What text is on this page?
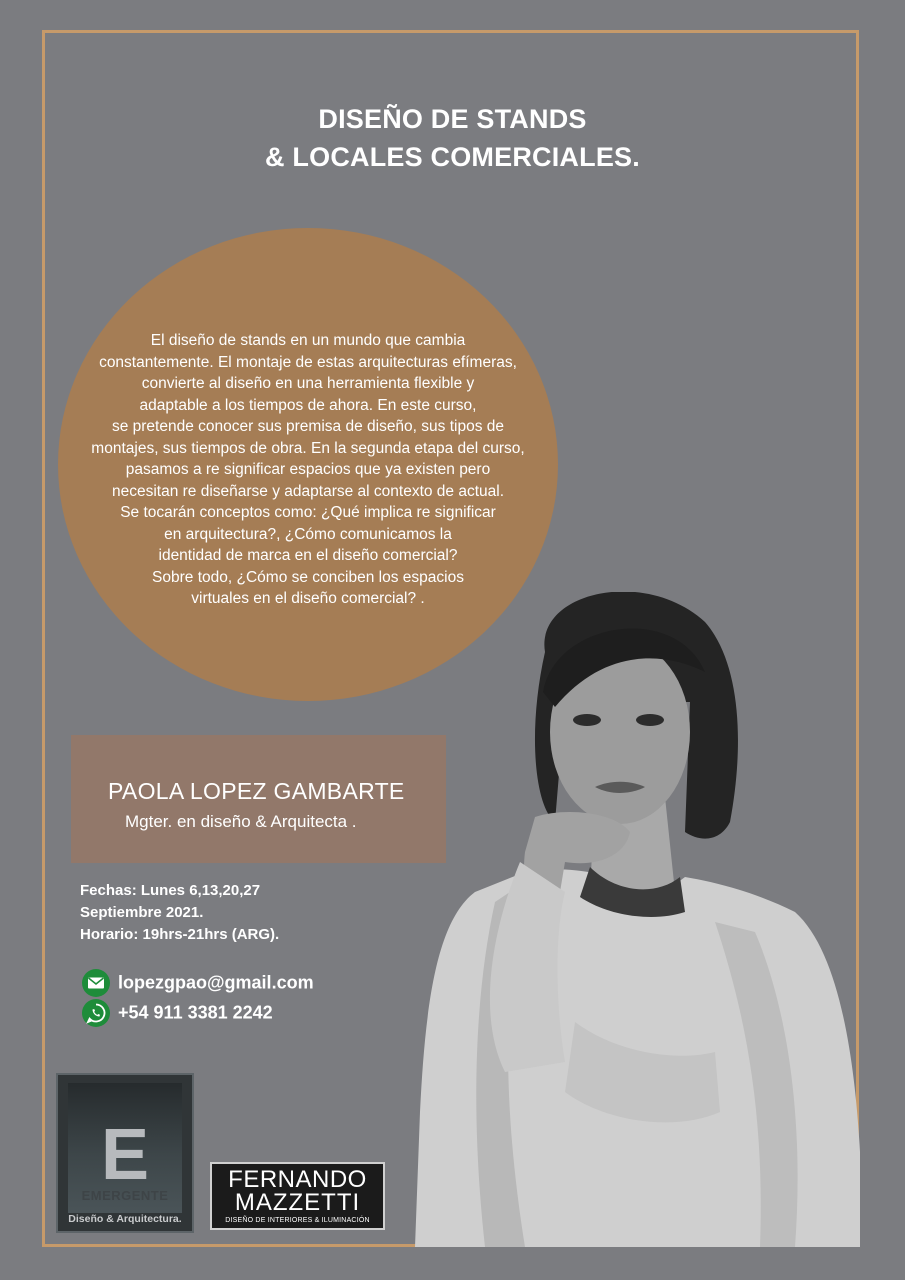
DISEÑO DE STANDS
& LOCALES COMERCIALES.
El diseño de stands en un mundo que cambia
constantemente. El montaje de estas arquitecturas efímeras,
convierte al diseño en una herramienta flexible y
adaptable a los tiempos de ahora. En este curso,
se pretende conocer sus premisa de diseño, sus tipos de
montajes, sus tiempos de obra. En la segunda etapa del curso,
pasamos a re significar espacios que ya existen pero
necesitan re diseñarse y adaptarse al contexto de actual.
Se tocarán conceptos como: ¿Qué implica re significar
en arquitectura?, ¿Cómo comunicamos la
identidad de marca en el diseño comercial?
Sobre todo, ¿Cómo se conciben los espacios
virtuales en el diseño comercial? .
PAOLA LOPEZ GAMBARTE
Mgter. en diseño & Arquitecta .
Fechas: Lunes 6,13,20,27
Septiembre 2021.
Horario: 19hrs-21hrs (ARG).
lopezgpao@gmail.com
+54 911 3381 2242
E
EMERGENTE
Diseño & Arquitectura.
FERNANDO
MAZZETTI
DISEÑO DE INTERIORES & ILUMINACIÓN
